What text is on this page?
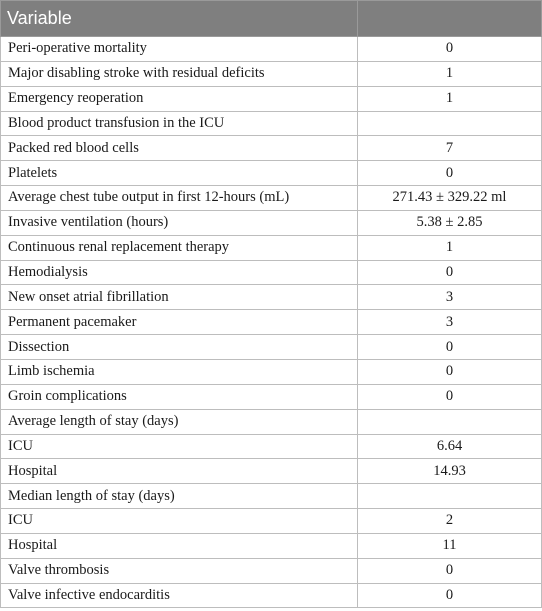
Variable	
Peri-operative mortality	0
Major disabling stroke with residual deficits	1
Emergency reoperation	1
Blood product transfusion in the ICU	
Packed red blood cells	7
Platelets	0
Average chest tube output in first 12-hours (mL)	271.43 ± 329.22 ml
Invasive ventilation (hours)	5.38 ± 2.85
Continuous renal replacement therapy	1
Hemodialysis	0
New onset atrial fibrillation	3
Permanent pacemaker	3
Dissection	0
Limb ischemia	0
Groin complications	0
Average length of stay (days)	
ICU	6.64
Hospital	14.93
Median length of stay (days)	
ICU	2
Hospital	11
Valve thrombosis	0
Valve infective endocarditis	0
